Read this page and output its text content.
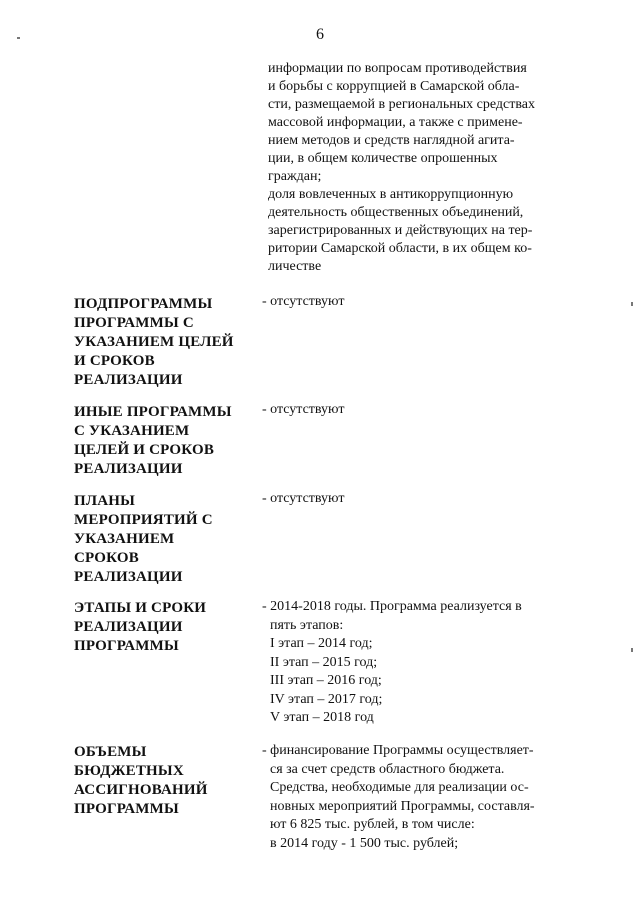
6

информации по вопросам противодействия

и борьбы с коррупцией в Самарской обла-

сти, размещаемой в региональных средствах

массовой информации, а также с примене-

нием методов и средств наглядной агита-

ции, в общем количестве опрошенных

граждан;

доля вовлеченных в антикоррупционную

деятельность общественных объединений,

зарегистрированных и действующих на тер-

ритории Самарской области, в их общем ко-

личестве

ПОДПРОГРАММЫ
ПРОГРАММЫ С
УКАЗАНИЕМ ЦЕЛЕЙ
И СРОКОВ
РЕАЛИЗАЦИИ
- отсутствуют
ИНЫЕ ПРОГРАММЫ
С УКАЗАНИЕМ
ЦЕЛЕЙ И СРОКОВ
РЕАЛИЗАЦИИ
- отсутствуют
ПЛАНЫ
МЕРОПРИЯТИЙ С
УКАЗАНИЕМ
СРОКОВ
РЕАЛИЗАЦИИ
- отсутствуют
ЭТАПЫ И СРОКИ
РЕАЛИЗАЦИИ
ПРОГРАММЫ
- 2014-2018 годы. Программа реализуется в
пять этапов:
I этап – 2014 год;
II этап – 2015 год;
III этап – 2016 год;
IV этап – 2017 год;
V этап – 2018 год
ОБЪЕМЫ
БЮДЖЕТНЫХ
АССИГНОВАНИЙ
ПРОГРАММЫ
- финансирование Программы осуществляет-
ся за счет средств областного бюджета.
Средства, необходимые для реализации ос-
новных мероприятий Программы, составля-
ют 6 825 тыс. рублей, в том числе:
в 2014 году - 1 500 тыс. рублей;
